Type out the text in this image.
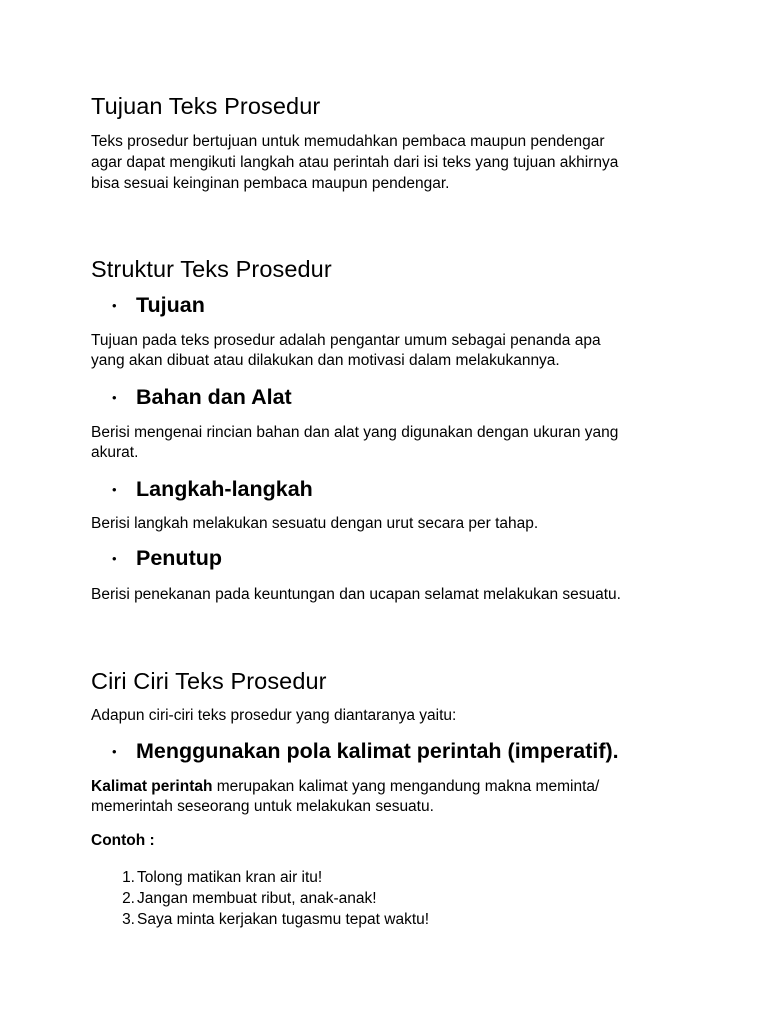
Tujuan Teks Prosedur

Teks prosedur bertujuan untuk memudahkan pembaca maupun pendengar

agar dapat mengikuti langkah atau perintah dari isi teks yang tujuan akhirnya

bisa sesuai keinginan pembaca maupun pendengar.

Struktur Teks Prosedur
• Tujuan

Tujuan pada teks prosedur adalah pengantar umum sebagai penanda apa

yang akan dibuat atau dilakukan dan motivasi dalam melakukannya.

• Bahan dan Alat

Berisi mengenai rincian bahan dan alat yang digunakan dengan ukuran yang

akurat.

• Langkah-langkah

Berisi langkah melakukan sesuatu dengan urut secara per tahap.

• Penutup

Berisi penekanan pada keuntungan dan ucapan selamat melakukan sesuatu.

Ciri Ciri Teks Prosedur

Adapun ciri-ciri teks prosedur yang diantaranya yaitu:

• Menggunakan pola kalimat perintah (imperatif).

Kalimat perintah merupakan kalimat yang mengandung makna meminta/

memerintah seseorang untuk melakukan sesuatu.

Contoh :

1. Tolong matikan kran air itu!
2. Jangan membuat ribut, anak-anak!
3. Saya minta kerjakan tugasmu tepat waktu!
